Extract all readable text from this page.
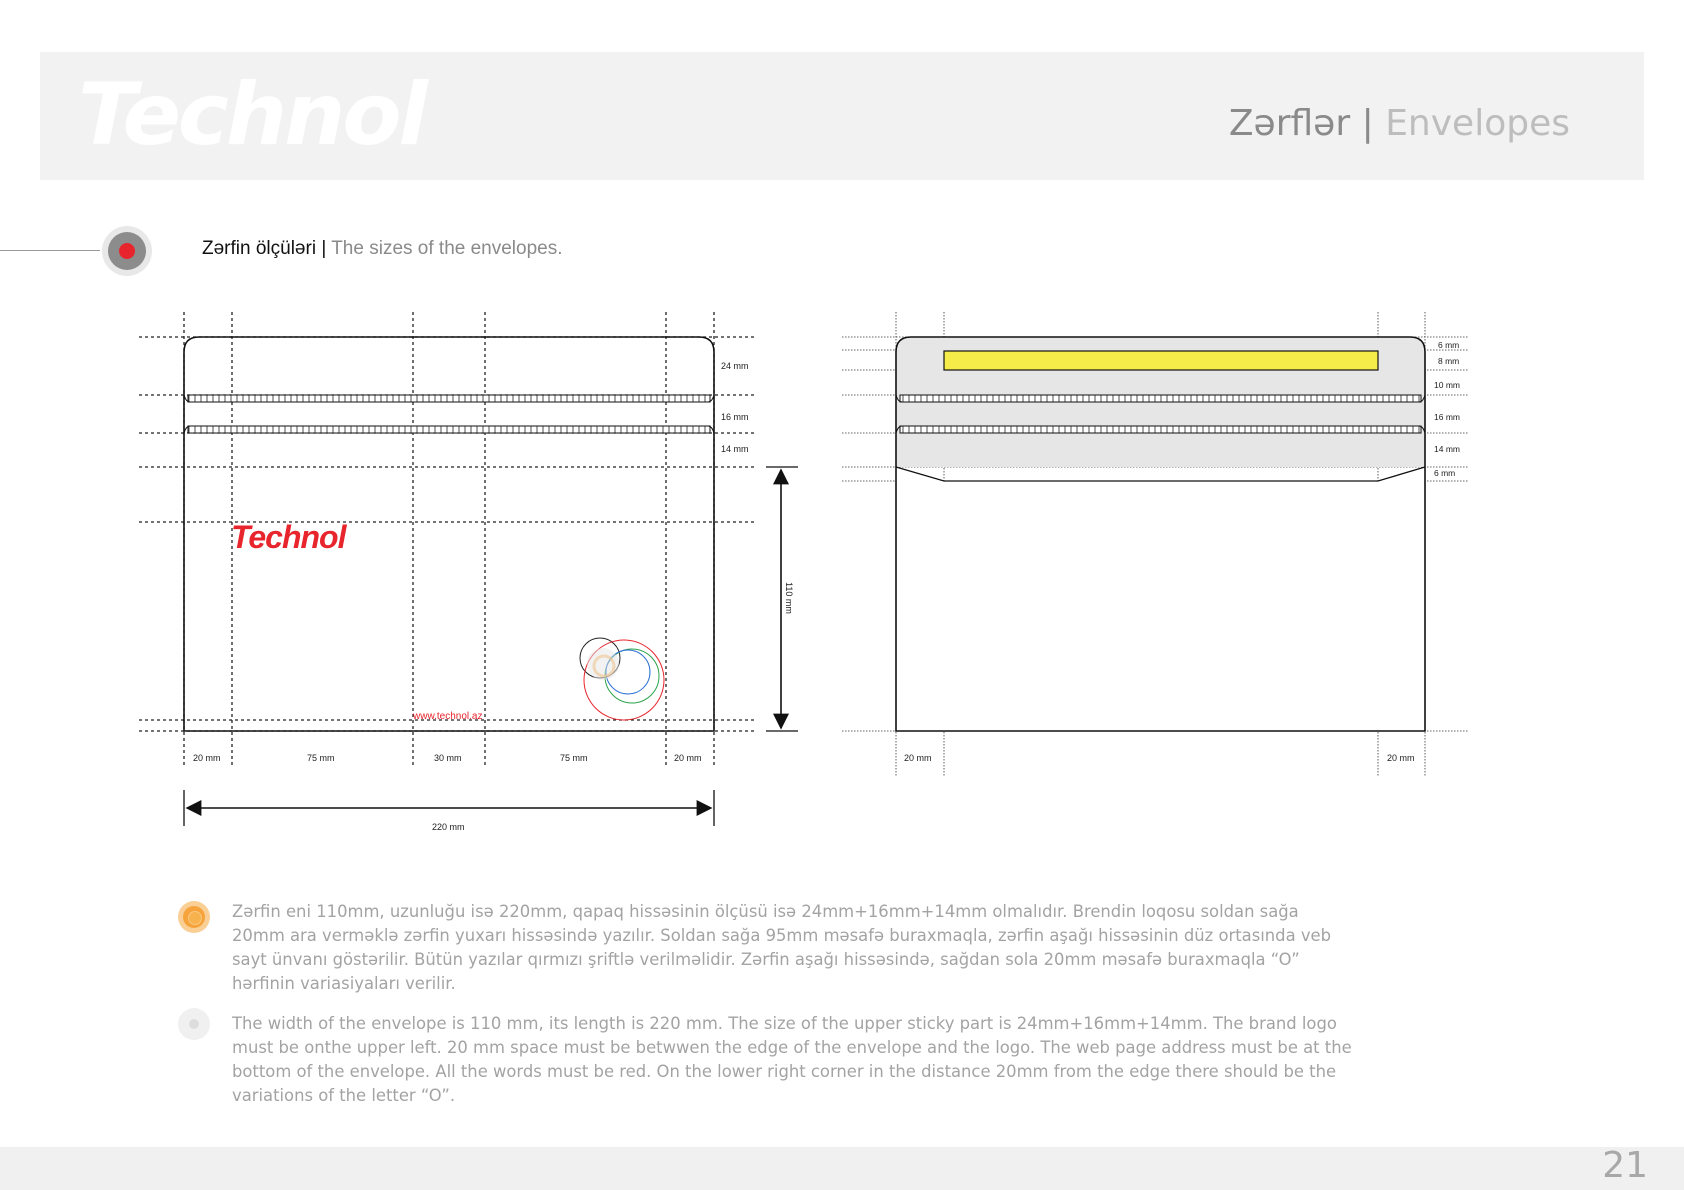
Technol	Zərflər | Envelopes
Zərfin ölçüləri | The sizes of the envelopes.
Technol
www.technol.az
24 mm
16 mm
14 mm
110 mm
20 mm	75 mm	30 mm	75 mm	20 mm
220 mm
6 mm
8 mm
10 mm
16 mm
14 mm
6 mm
20 mm	20 mm
Zərfin eni 110mm, uzunluğu isə 220mm, qapaq hissəsinin ölçüsü isə 24mm+16mm+14mm olmalıdır. Brendin loqosu soldan sağa 20mm ara verməklə zərfin yuxarı hissəsində yazılır. Soldan sağa 95mm məsafə buraxmaqla, zərfin aşağı hissəsinin düz ortasında veb sayt ünvanı göstərilir. Bütün yazılar qırmızı şriftlə verilməlidir. Zərfin aşağı hissəsində, sağdan sola 20mm məsafə buraxmaqla “O” hərfinin variasiyaları verilir.
The width of the envelope is 110 mm, its length is 220 mm. The size of the upper sticky part is 24mm+16mm+14mm. The brand logo must be onthe upper left. 20 mm space must be betwwen the edge of the envelope and the logo. The web page address must be at the bottom of the envelope. All the words must be red. On the lower right corner in the distance 20mm from the edge there should be the variations of the letter “O”.
21
